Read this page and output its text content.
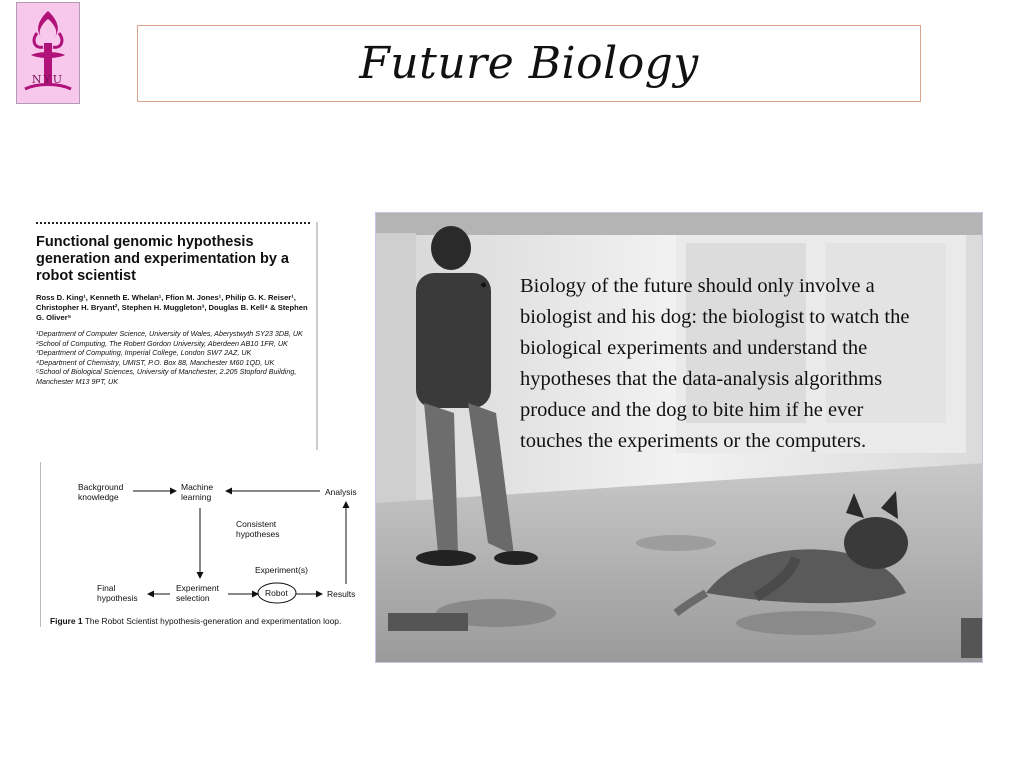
NYU	Future Biology
Functional genomic hypothesis generation and experimentation by a robot scientist
Ross D. King¹, Kenneth E. Whelan¹, Ffion M. Jones¹, Philip G. K. Reiser¹, Christopher H. Bryant², Stephen H. Muggleton³, Douglas B. Kell⁴ & Stephen G. Oliver⁵
¹Department of Computer Science, University of Wales, Aberystwyth SY23 3DB, UK
²School of Computing, The Robert Gordon University, Aberdeen AB10 1FR, UK
³Department of Computing, Imperial College, London SW7 2AZ, UK
⁴Department of Chemistry, UMIST, P.O. Box 88, Manchester M60 1QD, UK
⁵School of Biological Sciences, University of Manchester, 2.205 Stopford Building, Manchester M13 9PT, UK
Background
knowledge
Machine
learning	Analysis
Consistent
hypotheses
Experiment(s)
Final
hypothesis
Experiment
selection	Robot	Results
Figure 1 The Robot Scientist hypothesis-generation and experimentation loop.
• Biology of the future should only involve a biologist and his dog: the biologist to watch the biological experiments and understand the hypotheses that the data-analysis algorithms produce and the dog to bite him if he ever touches the experiments or the computers.
